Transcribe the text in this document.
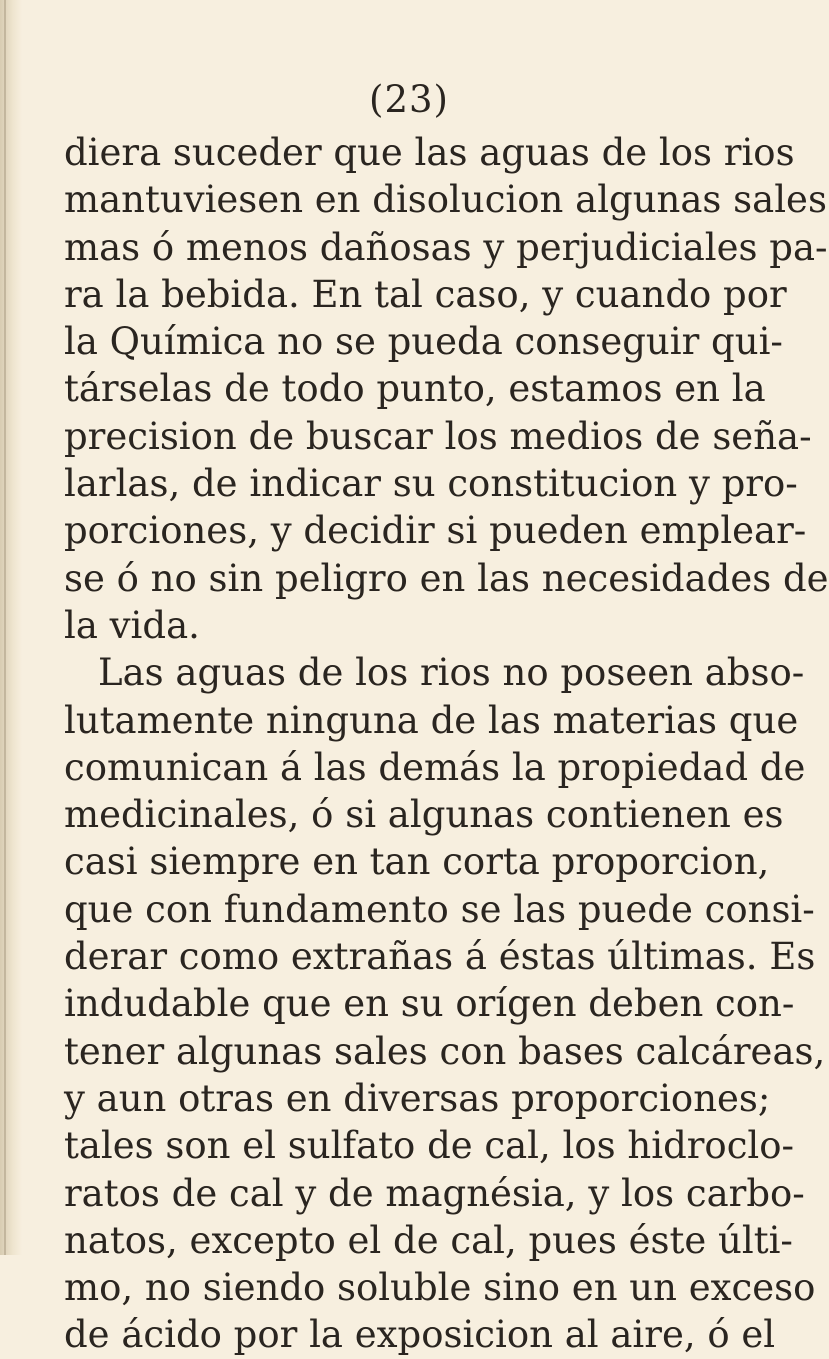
(23)
diera suceder que las aguas de los rios
mantuviesen en disolucion algunas sales
mas ó menos dañosas y perjudiciales pa-
ra la bebida. En tal caso, y cuando por
la Química no se pueda conseguir qui-
társelas de todo punto, estamos en la
precision de buscar los medios de seña-
larlas, de indicar su constitucion y pro-
porciones, y decidir si pueden emplear-
se ó no sin peligro en las necesidades de
la vida.
Las aguas de los rios no poseen abso-
lutamente ninguna de las materias que
comunican á las demás la propiedad de
medicinales, ó si algunas contienen es
casi siempre en tan corta proporcion,
que con fundamento se las puede consi-
derar como extrañas á éstas últimas. Es
indudable que en su orígen deben con-
tener algunas sales con bases calcáreas,
y aun otras en diversas proporciones;
tales son el sulfato de cal, los hidroclo-
ratos de cal y de magnésia, y los carbo-
natos, excepto el de cal, pues éste últi-
mo, no siendo soluble sino en un exceso
de ácido por la exposicion al aire, ó el
